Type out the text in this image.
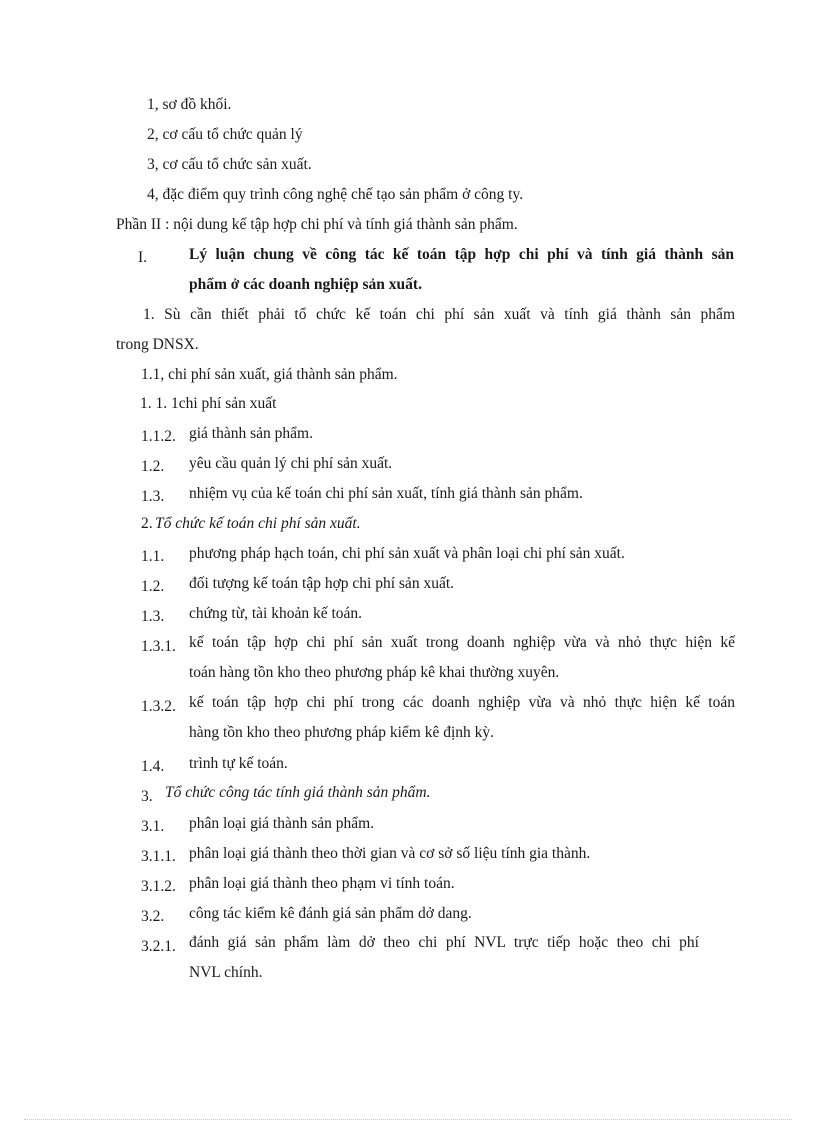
1, sơ đồ khối.
2, cơ cấu tổ chức quản lý
3, cơ cấu tổ chức sản xuất.
4, đặc điểm quy trình công nghệ chế tạo sản phẩm ở công ty.
Phần II : nội dung kế tập hợp chi phí và tính giá thành sản phẩm.
I.	Lý luận chung về công tác kế toán tập hợp chi phí và tính giá thành sản
phẩm ở các doanh nghiệp sản xuất.
1. Sù cần thiết phải tổ chức kế toán chi phí sản xuất và tính giá thành sản phẩm
trong DNSX.
1.1, chi phí sản xuất, giá thành sản phẩm.
1. 1. 1chi phí sản xuất
1.1.2. giá thành sản phẩm.
1.2. yêu cầu quản lý chi phí sản xuất.
1.3. nhiệm vụ của kế toán chi phí sản xuất, tính giá thành sản phẩm.
2. Tổ chức kế toán chi phí sản xuất.
1.1. phương pháp hạch toán, chi phí sản xuất và phân loại chi phí sản xuất.
1.2. đối tượng kế toán tập hợp chi phí sản xuất.
1.3. chứng từ, tài khoản kế toán.
1.3.1. kế toán tập hợp chi phí sản xuất trong doanh nghiệp vừa và nhỏ thực hiện kế
toán hàng tồn kho theo phương pháp kê khai thường xuyên.
1.3.2. kế toán tập hợp chi phí trong các doanh nghiệp vừa và nhỏ thực hiện kế toán
hàng tồn kho theo phương pháp kiểm kê định kỳ.
1.4. trình tự kế toán.
3. Tổ chức công tác tính giá thành sản phẩm.
3.1. phân loại giá thành sản phẩm.
3.1.1. phân loại giá thành theo thời gian và cơ sở số liệu tính gia thành.
3.1.2. phân loại giá thành theo phạm vi tính toán.
3.2. công tác kiểm kê đánh giá sản phẩm dở dang.
3.2.1. đánh giá sản phẩm làm dở theo chi phí NVL trực tiếp hoặc theo chi phí
NVL chính.
